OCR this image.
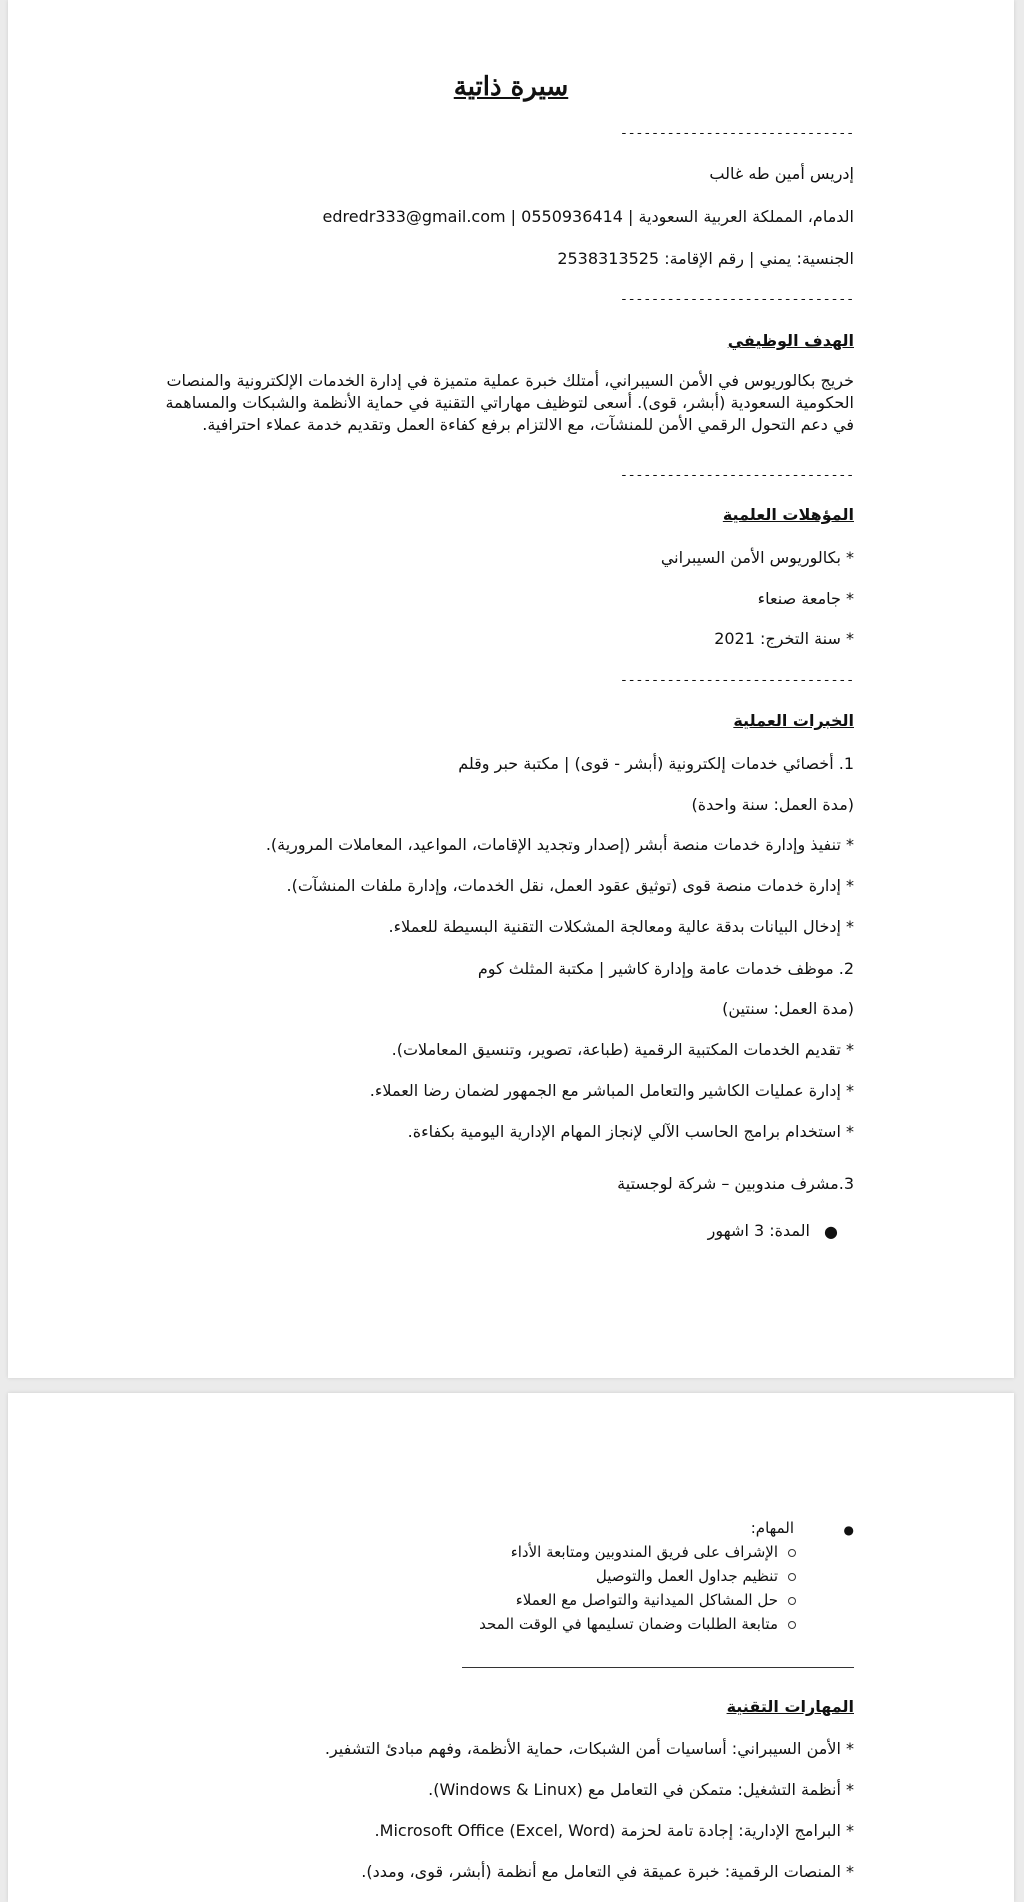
سيرة ذاتية
------------------------------
إدريس أمين طه غالب
الدمام، المملكة العربية السعودية | 0550936414 | edredr333@gmail.com
الجنسية: يمني | رقم الإقامة: 2538313525
------------------------------
الهدف الوظيفي
خريج بكالوريوس في الأمن السيبراني، أمتلك خبرة عملية متميزة في إدارة الخدمات الإلكترونية والمنصات الحكومية السعودية (أبشر، قوى). أسعى لتوظيف مهاراتي التقنية في حماية الأنظمة والشبكات والمساهمة في دعم التحول الرقمي الأمن للمنشآت، مع الالتزام برفع كفاءة العمل وتقديم خدمة عملاء احترافية.
------------------------------
المؤهلات العلمية
* بكالوريوس الأمن السيبراني
* جامعة صنعاء
* سنة التخرج: 2021
------------------------------
الخبرات العملية
1. أخصائي خدمات إلكترونية (أبشر - قوى) | مكتبة حبر وقلم
(مدة العمل: سنة واحدة)
* تنفيذ وإدارة خدمات منصة أبشر (إصدار وتجديد الإقامات، المواعيد، المعاملات المرورية).
* إدارة خدمات منصة قوى (توثيق عقود العمل، نقل الخدمات، وإدارة ملفات المنشآت).
* إدخال البيانات بدقة عالية ومعالجة المشكلات التقنية البسيطة للعملاء.
2. موظف خدمات عامة وإدارة كاشير | مكتبة المثلث كوم
(مدة العمل: سنتين)
* تقديم الخدمات المكتبية الرقمية (طباعة، تصوير، وتنسيق المعاملات).
* إدارة عمليات الكاشير والتعامل المباشر مع الجمهور لضمان رضا العملاء.
* استخدام برامج الحاسب الآلي لإنجاز المهام الإدارية اليومية بكفاءة.
3.مشرف مندوبين – شركة لوجستية
●
المدة: 3 اشهور
●
المهام:
الإشراف على فريق المندوبين ومتابعة الأداء
تنظيم جداول العمل والتوصيل
حل المشاكل الميدانية والتواصل مع العملاء
متابعة الطلبات وضمان تسليمها في الوقت المحد
المهارات التقنية
* الأمن السيبراني: أساسيات أمن الشبكات، حماية الأنظمة، وفهم مبادئ التشفير.
* أنظمة التشغيل: متمكن في التعامل مع (Windows & Linux).
* البرامج الإدارية: إجادة تامة لحزمة Microsoft Office (Excel, Word).
* المنصات الرقمية: خبرة عميقة في التعامل مع أنظمة (أبشر، قوى، ومدد).
